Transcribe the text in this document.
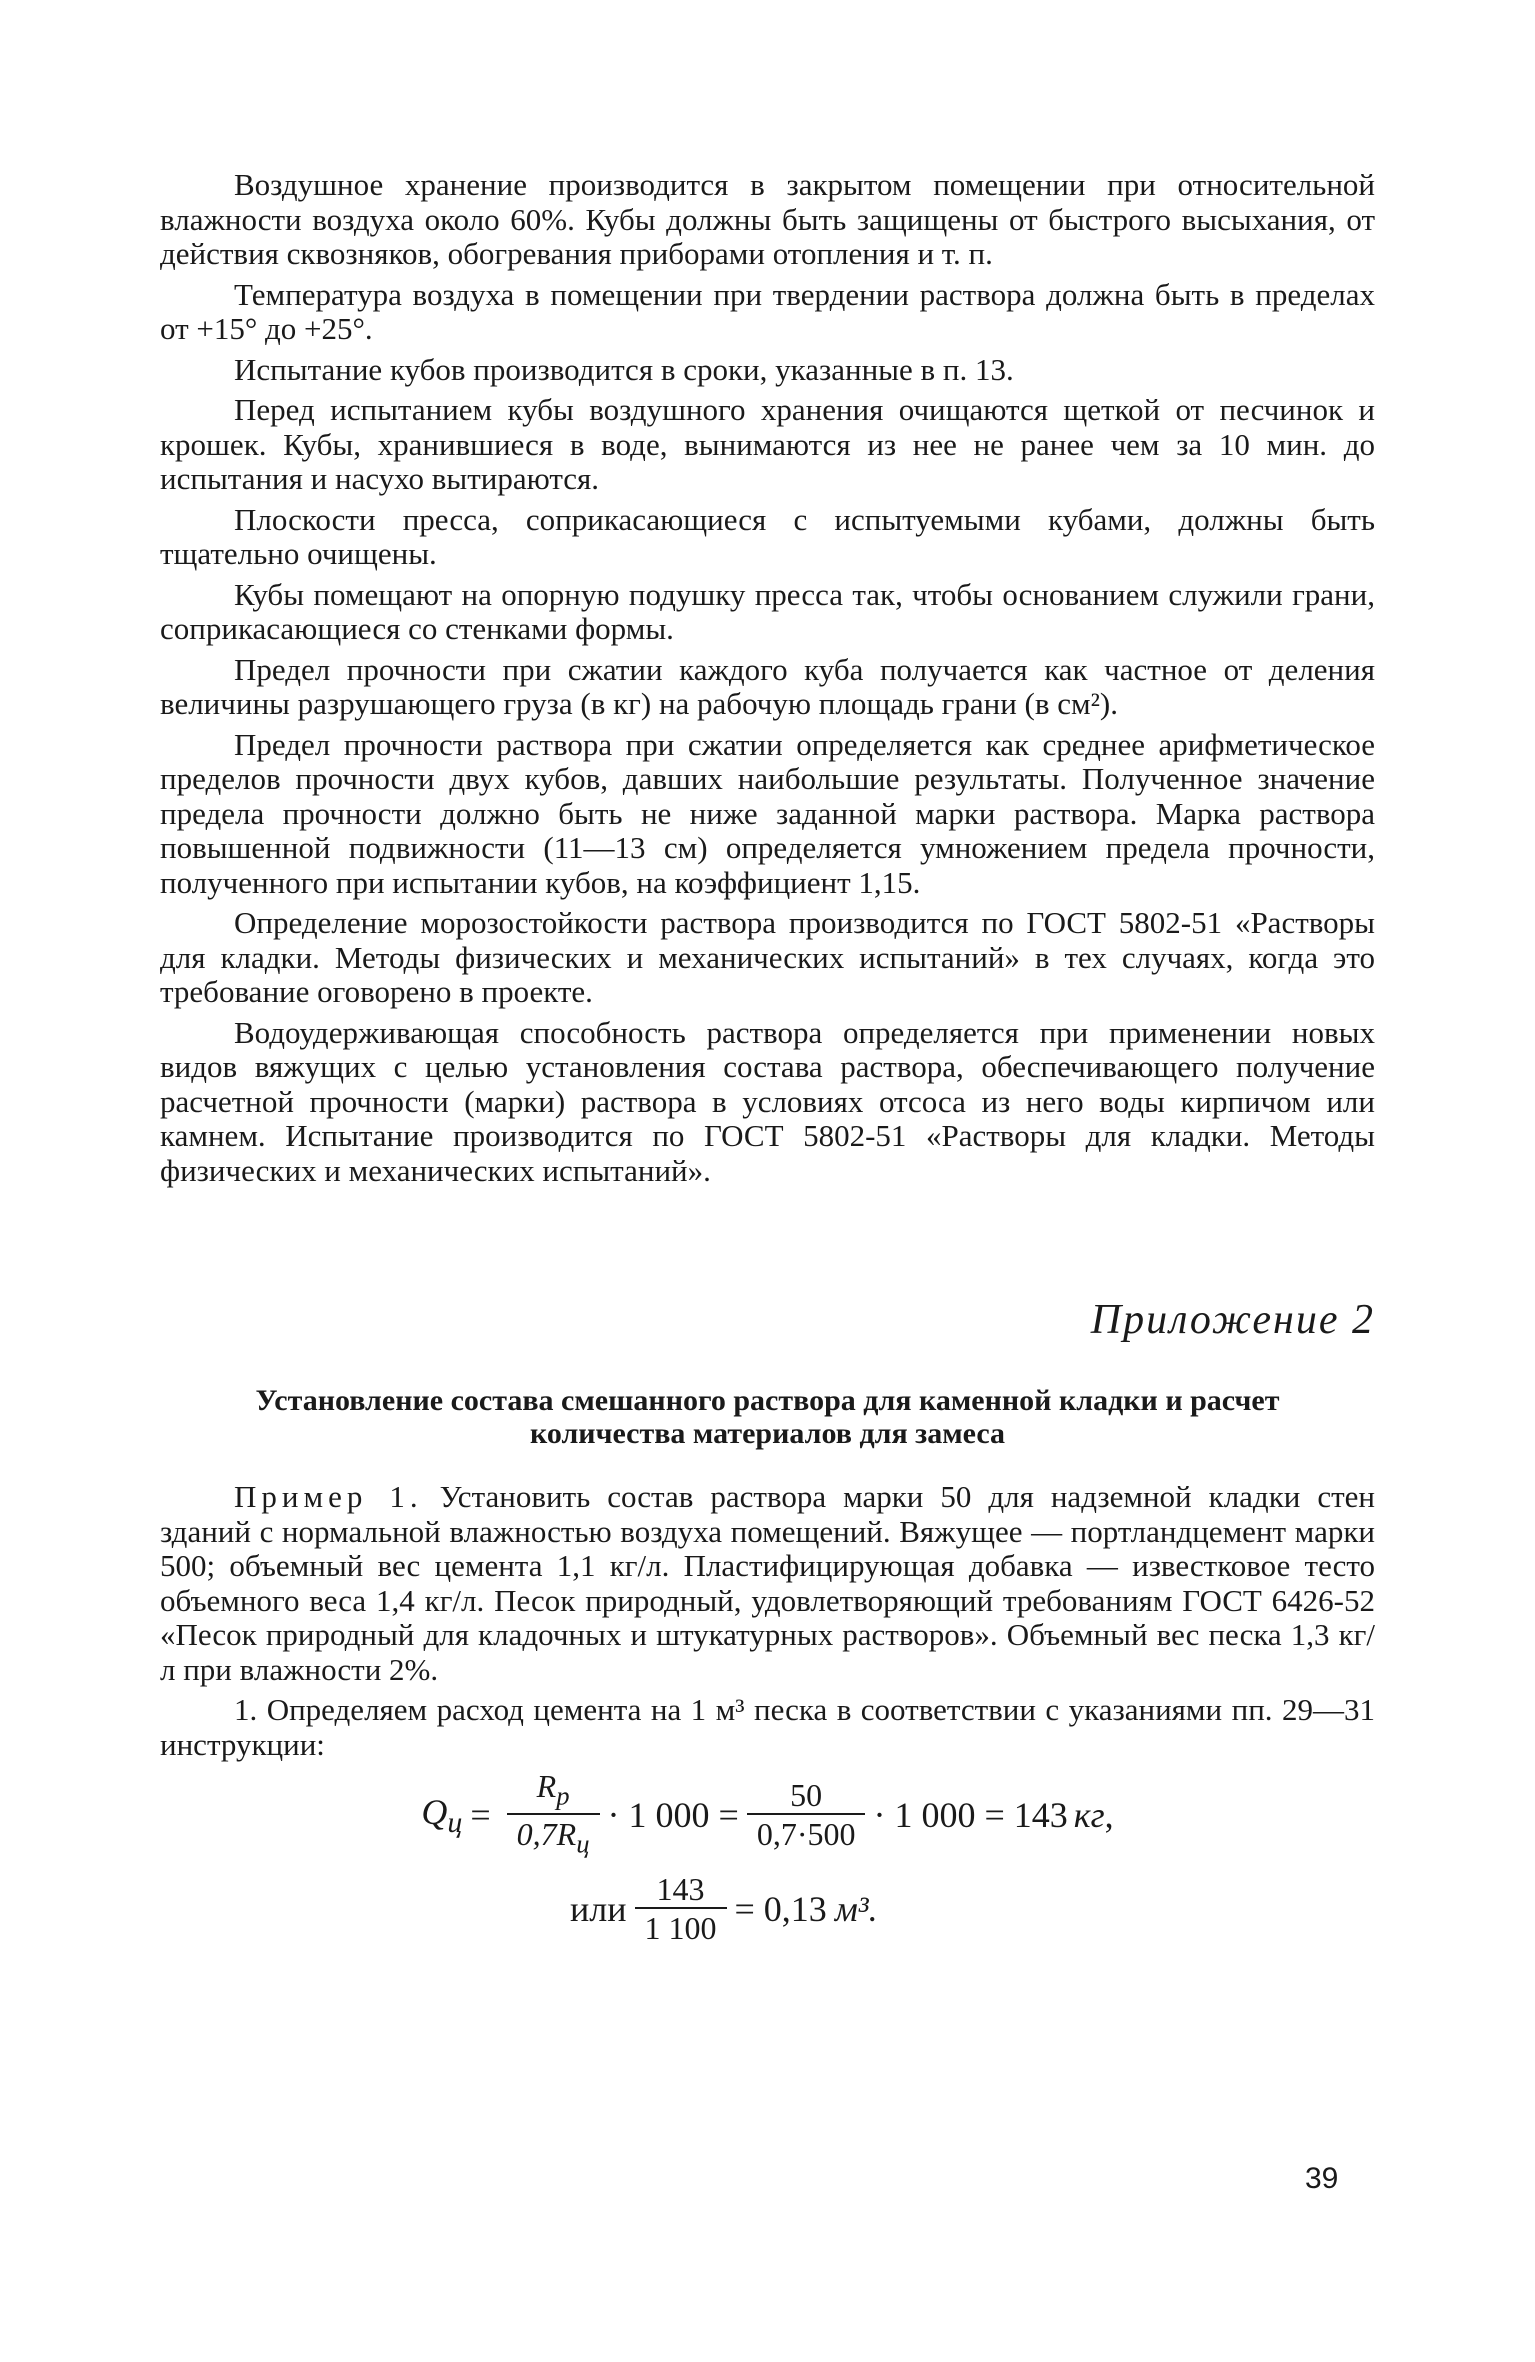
Воздушное хранение производится в закрытом помещении при относительной влажности воздуха около 60%. Кубы должны быть защищены от быстрого высыхания, от действия сквозняков, обогревания приборами отопления и т. п.

Температура воздуха в помещении при твердении раствора должна быть в пределах от +15° до +25°.

Испытание кубов производится в сроки, указанные в п. 13.

Перед испытанием кубы воздушного хранения очищаются щеткой от песчинок и крошек. Кубы, хранившиеся в воде, вынимаются из нее не ранее чем за 10 мин. до испытания и насухо вытираются.

Плоскости пресса, соприкасающиеся с испытуемыми кубами, должны быть тщательно очищены.

Кубы помещают на опорную подушку пресса так, чтобы основанием служили грани, соприкасающиеся со стенками формы.

Предел прочности при сжатии каждого куба получается как частное от деления величины разрушающего груза (в кг) на рабочую площадь грани (в см²).

Предел прочности раствора при сжатии определяется как среднее арифметическое пределов прочности двух кубов, давших наибольшие результаты. Полученное значение предела прочности должно быть не ниже заданной марки раствора. Марка раствора повышенной подвижности (11—13 см) определяется умножением предела прочности, полученного при испытании кубов, на коэффициент 1,15.

Определение морозостойкости раствора производится по ГОСТ 5802-51 «Растворы для кладки. Методы физических и механических испытаний» в тех случаях, когда это требование оговорено в проекте.

Водоудерживающая способность раствора определяется при применении новых видов вяжущих с целью установления состава раствора, обеспечивающего получение расчетной прочности (марки) раствора в условиях отсоса из него воды кирпичом или камнем. Испытание производится по ГОСТ 5802-51 «Растворы для кладки. Методы физических и механических испытаний».

Приложение 2
Установление состава смешанного раствора для каменной кладки и расчет количества материалов для замеса

Пример 1. Установить состав раствора марки 50 для надземной кладки стен зданий с нормальной влажностью воздуха помещений. Вяжущее — портландцемент марки 500; объемный вес цемента 1,1 кг/л. Пластифицирующая добавка — известковое тесто объемного веса 1,4 кг/л. Песок природный, удовлетворяющий требованиям ГОСТ 6426-52 «Песок природный для кладочных и штукатурных растворов». Объемный вес песка 1,3 кг/л при влажности 2%.

1. Определяем расход цемента на 1 м³ песка в соответствии с указаниями пп. 29—31 инструкции:

$Q_ц = \frac{R_р}{0,7R_ц} \cdot 1$ $000 = \frac{50}{0,7\cdot 500} \cdot 1$ 000 = 143 кг ,
или $\frac{143}{1 100} = 0,13$ м³.
39
